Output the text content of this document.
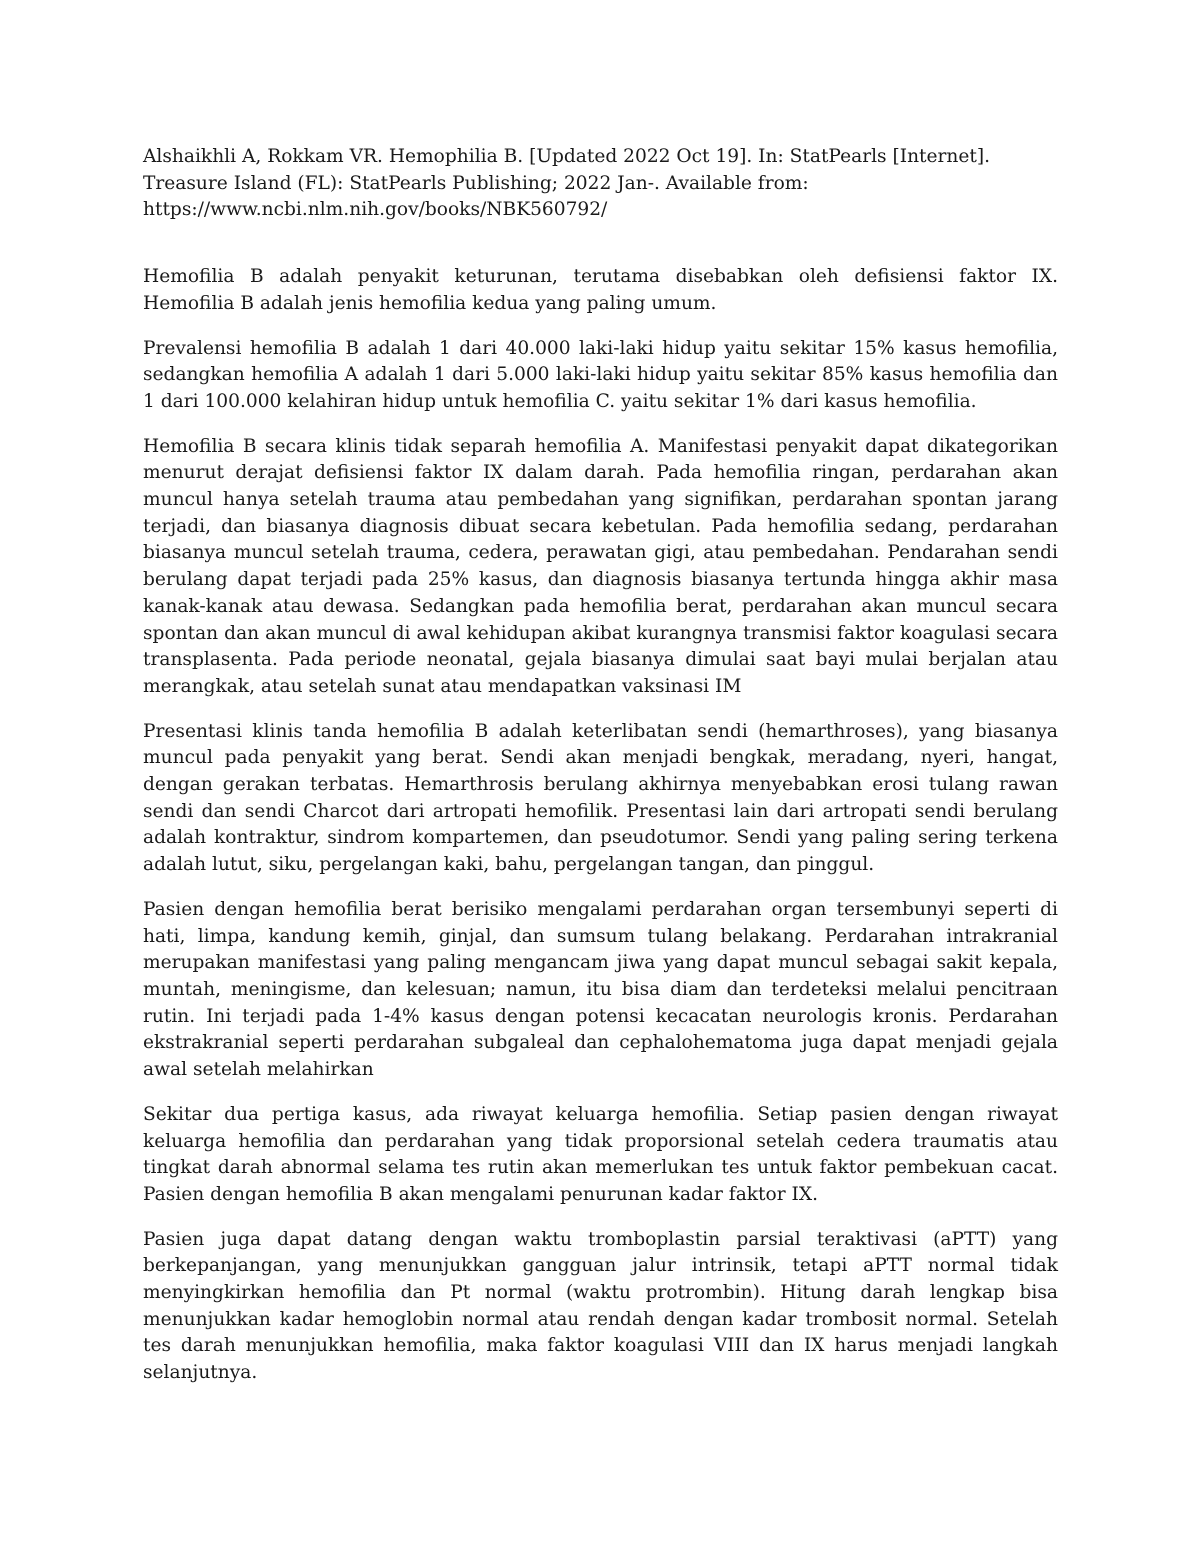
Alshaikhli A, Rokkam VR. Hemophilia B. [Updated 2022 Oct 19]. In: StatPearls [Internet].
Treasure Island (FL): StatPearls Publishing; 2022 Jan-. Available from:
https://www.ncbi.nlm.nih.gov/books/NBK560792/

Hemofilia B adalah penyakit keturunan, terutama disebabkan oleh defisiensi faktor IX. Hemofilia B adalah jenis hemofilia kedua yang paling umum.

Prevalensi hemofilia B adalah 1 dari 40.000 laki-laki hidup yaitu sekitar 15% kasus hemofilia, sedangkan hemofilia A adalah 1 dari 5.000 laki-laki hidup yaitu sekitar 85% kasus hemofilia dan 1 dari 100.000 kelahiran hidup untuk hemofilia C. yaitu sekitar 1% dari kasus hemofilia.

Hemofilia B secara klinis tidak separah hemofilia A. Manifestasi penyakit dapat dikategorikan menurut derajat defisiensi faktor IX dalam darah. Pada hemofilia ringan, perdarahan akan muncul hanya setelah trauma atau pembedahan yang signifikan, perdarahan spontan jarang terjadi, dan biasanya diagnosis dibuat secara kebetulan. Pada hemofilia sedang, perdarahan biasanya muncul setelah trauma, cedera, perawatan gigi, atau pembedahan. Pendarahan sendi berulang dapat terjadi pada 25% kasus, dan diagnosis biasanya tertunda hingga akhir masa kanak-kanak atau dewasa. Sedangkan pada hemofilia berat, perdarahan akan muncul secara spontan dan akan muncul di awal kehidupan akibat kurangnya transmisi faktor koagulasi secara transplasenta. Pada periode neonatal, gejala biasanya dimulai saat bayi mulai berjalan atau merangkak, atau setelah sunat atau mendapatkan vaksinasi IM

Presentasi klinis tanda hemofilia B adalah keterlibatan sendi (hemarthroses), yang biasanya muncul pada penyakit yang berat. Sendi akan menjadi bengkak, meradang, nyeri, hangat, dengan gerakan terbatas. Hemarthrosis berulang akhirnya menyebabkan erosi tulang rawan sendi dan sendi Charcot dari artropati hemofilik. Presentasi lain dari artropati sendi berulang adalah kontraktur, sindrom kompartemen, dan pseudotumor. Sendi yang paling sering terkena adalah lutut, siku, pergelangan kaki, bahu, pergelangan tangan, dan pinggul.

Pasien dengan hemofilia berat berisiko mengalami perdarahan organ tersembunyi seperti di hati, limpa, kandung kemih, ginjal, dan sumsum tulang belakang. Perdarahan intrakranial merupakan manifestasi yang paling mengancam jiwa yang dapat muncul sebagai sakit kepala, muntah, meningisme, dan kelesuan; namun, itu bisa diam dan terdeteksi melalui pencitraan rutin. Ini terjadi pada 1-4% kasus dengan potensi kecacatan neurologis kronis. Perdarahan ekstrakranial seperti perdarahan subgaleal dan cephalohematoma juga dapat menjadi gejala awal setelah melahirkan

Sekitar dua pertiga kasus, ada riwayat keluarga hemofilia. Setiap pasien dengan riwayat keluarga hemofilia dan perdarahan yang tidak proporsional setelah cedera traumatis atau tingkat darah abnormal selama tes rutin akan memerlukan tes untuk faktor pembekuan cacat. Pasien dengan hemofilia B akan mengalami penurunan kadar faktor IX.

Pasien juga dapat datang dengan waktu tromboplastin parsial teraktivasi (aPTT) yang berkepanjangan, yang menunjukkan gangguan jalur intrinsik, tetapi aPTT normal tidak menyingkirkan hemofilia dan Pt normal (waktu protrombin). Hitung darah lengkap bisa menunjukkan kadar hemoglobin normal atau rendah dengan kadar trombosit normal. Setelah tes darah menunjukkan hemofilia, maka faktor koagulasi VIII dan IX harus menjadi langkah selanjutnya.
